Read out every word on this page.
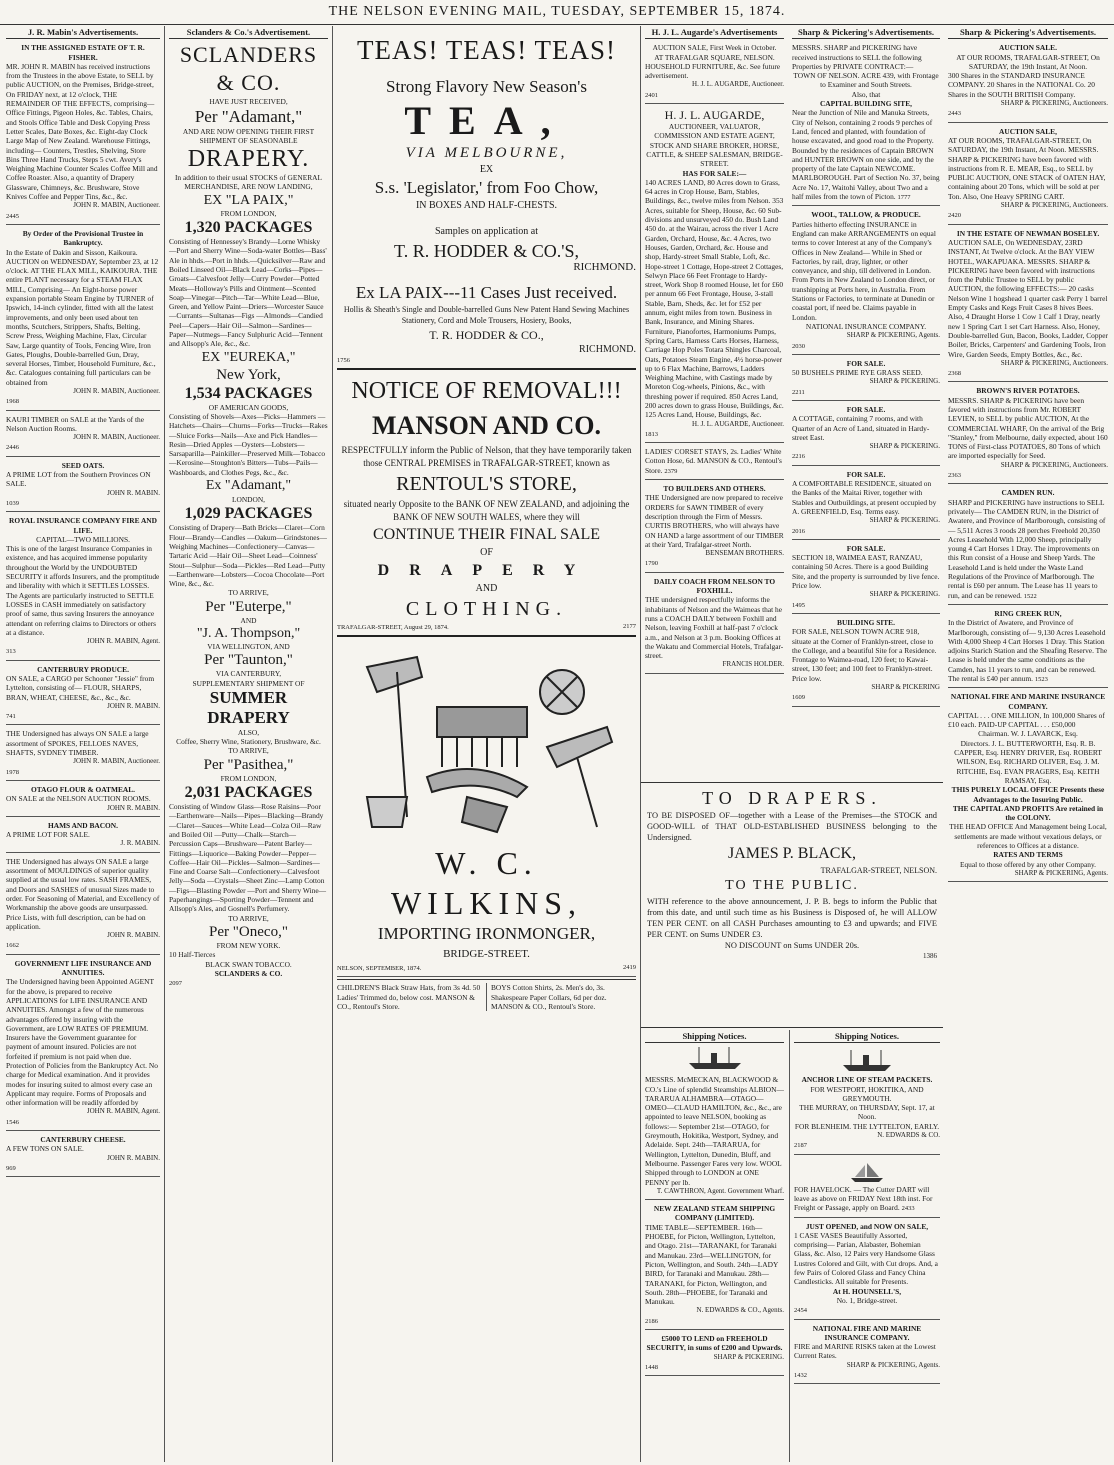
THE NELSON EVENING MAIL, TUESDAY, SEPTEMBER 15, 1874.
J. R. Mabin's Advertisements.
IN THE ASSIGNED ESTATE OF T. R. FISHER.
MR. JOHN R. MABIN has received instructions from the Trustees in the above Estate, to SELL by public AUCTION, on the Premises, Bridge-street, On FRIDAY next, at 12 o'clock, THE REMAINDER OF THE EFFECTS, comprising— Office Fittings, Pigeon Holes, &c. Tables, Chairs, and Stools Office Table and Desk Copying Press Letter Scales, Date Boxes, &c. Eight-day Clock Large Map of New Zealand. Warehouse Fittings, including— Counters, Trestles, Shelving, Store Bins Three Hand Trucks, Steps 5 cwt. Avery's Weighing Machine Counter Scales Coffee Mill and Coffee Roaster. Also, a quantity of Drapery Glassware, Chimneys, &c. Brushware, Stove Knives Coffee and Pepper Tins, &c., &c.
JOHN R. MABIN, Auctioneer.
2445
By Order of the Provisional Trustee in Bankruptcy.
In the Estate of Dakin and Sisson, Kaikoura. AUCTION on WEDNESDAY, September 23, at 12 o'clock. AT THE FLAX MILL, KAIKOURA. THE entire PLANT necessary for a STEAM FLAX MILL, Comprising— An Eight-horse power expansion portable Steam Engine by TURNER of Ipswich, 14-inch cylinder, fitted with all the latest improvements, and only been used about ten months, Scutchers, Strippers, Shafts, Belting, Screw Press, Weighing Machine, Flax, Circular Saw, Large quantity of Tools, Fencing Wire, Iron Gates, Ploughs, Double-barrelled Gun, Dray, several Horses, Timber, Household Furniture, &c., &c. Catalogues containing full particulars can be obtained from
JOHN R. MABIN, Auctioneer.
1968
KAURI TIMBER on SALE at the Yards of the Nelson Auction Rooms.
JOHN R. MABIN, Auctioneer.
2446
SEED OATS.
A PRIME LOT from the Southern Provinces ON SALE.
JOHN R. MABIN.
1039
ROYAL INSURANCE COMPANY FIRE AND LIFE.
CAPITAL—TWO MILLIONS.
This is one of the largest Insurance Companies in existence, and has acquired immense popularity throughout the World by the UNDOUBTED SECURITY it affords Insurers, and the promptitude and liberality with which it SETTLES LOSSES. The Agents are particularly instructed to SETTLE LOSSES in CASH immediately on satisfactory proof of same, thus saving Insurers the annoyance attendant on referring claims to Directors or others at a distance.
JOHN R. MABIN, Agent.
313
CANTERBURY PRODUCE.
ON SALE, a CARGO per Schooner "Jessie" from Lyttelton, consisting of— FLOUR, SHARPS, BRAN, WHEAT, CHEESE, &c., &c., &c.
JOHN R. MABIN.
741
THE Undersigned has always ON SALE a large assortment of SPOKES, FELLOES NAVES, SHAFTS, SYDNEY TIMBER.
JOHN R. MABIN, Auctioneer.
1978
OTAGO FLOUR & OATMEAL.
ON SALE at the NELSON AUCTION ROOMS.
JOHN R. MABIN.
HAMS AND BACON.
A PRIME LOT FOR SALE.
J. R. MABIN.
THE Undersigned has always ON SALE a large assortment of MOULDINGS of superior quality supplied at the usual low rates. SASH FRAMES, and Doors and SASHES of unusual Sizes made to order. For Seasoning of Material, and Excellency of Workmanship the above goods are unsurpassed. Price Lists, with full description, can be had on application.
JOHN R. MABIN.
1662
GOVERNMENT LIFE INSURANCE AND ANNUITIES.
The Undersigned having been Appointed AGENT for the above, is prepared to receive APPLICATIONS for LIFE INSURANCE AND ANNUITIES. Amongst a few of the numerous advantages offered by insuring with the Government, are LOW RATES OF PREMIUM. Insurers have the Government guarantee for payment of amount insured. Policies are not forfeited if premium is not paid when due. Protection of Policies from the Bankruptcy Act. No charge for Medical examination. And it provides modes for insuring suited to almost every case an Applicant may require. Forms of Proposals and other information will be readily afforded by
JOHN R. MABIN, Agent.
1546
CANTERBURY CHEESE.
A FEW TONS ON SALE.
JOHN R. MABIN.
969
Sclanders & Co.'s Advertisement.
SCLANDERS & CO.
HAVE JUST RECEIVED,
Per "Adamant,"
AND ARE NOW OPENING THEIR FIRST SHIPMENT OF SEASONABLE
DRAPERY.
In addition to their usual STOCKS of GENERAL MERCHANDISE, ARE NOW LANDING,
EX "LA PAIX,"
FROM LONDON,
1,320 PACKAGES
Consisting of Hennessey's Brandy—Lorne Whisky —Port and Sherry Wine—Soda-water Bottles—Bass' Ale in hhds.—Port in hhds.—Quicksilver—Raw and Boiled Linseed Oil—Black Lead—Corks—Pipes—Groats—Calvesfoot Jelly—Curry Powder—Potted Meats—Holloway's Pills and Ointment—Scented Soap—Vinegar—Pitch—Tar—White Lead—Blue, Green, and Yellow Paint—Driers—Worcester Sauce—Currants—Sultanas—Figs —Almonds—Candied Peel—Capers—Hair Oil—Salmon—Sardines—Paper—Nutmegs—Fancy Sulphuric Acid—Tennent and Allsopp's Ale, &c., &c.
EX "EUREKA,"
New York,
1,534 PACKAGES
OF AMERICAN GOODS,
Consisting of Shovels—Axes—Picks—Hammers —Hatchets—Chairs—Churns—Forks—Trucks—Rakes—Sluice Forks—Nails—Axe and Pick Handles—Resin—Dried Apples —Oysters—Lobsters—Sarsaparilla—Painkiller—Preserved Milk—Tobacco—Kerosine—Stoughton's Bitters—Tubs—Pails—Washboards, and Clothes Pegs, &c., &c.
Ex "Adamant,"
LONDON,
1,029 PACKAGES
Consisting of Drapery—Bath Bricks—Claret—Corn Flour—Brandy—Candles —Oakum—Grindstones—Weighing Machines—Confectionery—Canvas—Tartaric Acid —Hair Oil—Sheet Lead—Coinness' Stout—Sulphur—Soda—Pickles—Red Lead—Putty—Earthenware—Lobsters—Cocoa Chocolate—Port Wine, &c., &c.
TO ARRIVE,
Per "Euterpe,"
AND
"J. A. Thompson,"
VIA WELLINGTON, AND
Per "Taunton,"
VIA CANTERBURY,
SUPPLEMENTARY SHIPMENT OF
SUMMER DRAPERY
ALSO,
Coffee, Sherry Wine, Stationery, Brushware, &c.
TO ARRIVE,
Per "Pasithea,"
FROM LONDON,
2,031 PACKAGES
Consisting of Window Glass—Rose Raisins—Poor—Earthenware—Nails—Pipes—Blacking—Brandy—Claret—Sauces—White Lead—Colza Oil—Raw and Boiled Oil —Putty—Chalk—Starch—Percussion Caps—Brushware—Patent Barley—Fittings—Liquorice—Baking Powder—Pepper—Coffee—Hair Oil—Pickles—Salmon—Sardines—Fine and Coarse Salt—Confectionery—Calvesfoot Jelly—Soda —Crystals—Sheet Zinc—Lamp Cotton—Figs—Blasting Powder —Port and Sherry Wine—Paperhangings—Sporting Powder—Tennent and Allsopp's Ales, and Gosnell's Perfumery.
TO ARRIVE,
Per "Oneco,"
FROM NEW YORK.
10 Half-Tierces
BLACK SWAN TOBACCO.
SCLANDERS & CO.
2097
TEAS! TEAS! TEAS!
Strong Flavory New Season's
TEA,
VIA MELBOURNE,
EX
S.s. 'Legislator,' from Foo Chow,
IN BOXES AND HALF-CHESTS.
Samples on application at
T. R. HODDER & CO.'S,
RICHMOND.
Ex LA PAIX---11 Cases Just received.
Hollis & Sheath's Single and Double-barrelled Guns New Patent Hand Sewing Machines Stationery, Cord and Mole Trousers, Hosiery, Books,
T. R. HODDER & CO.,
RICHMOND.
1756
NOTICE OF REMOVAL!!!
MANSON AND CO.
RESPECTFULLY inform the Public of Nelson, that they have temporarily taken those CENTRAL PREMISES in TRAFALGAR-STREET, known as
RENTOUL'S STORE,
situated nearly Opposite to the BANK OF NEW ZEALAND, and adjoining the BANK OF NEW SOUTH WALES, where they will
CONTINUE THEIR FINAL SALE
OF
DRAPERY
AND
CLOTHING.
TRAFALGAR-STREET, August 29, 1874.	2177
W. C. WILKINS,
IMPORTING IRONMONGER,
BRIDGE-STREET.
NELSON, SEPTEMBER, 1874.	2419
CHILDREN'S Black Straw Hats, from 3s 4d. 50 Ladies' Trimmed do, below cost. MANSON & CO., Rentoul's Store.
BOYS Cotton Shirts, 2s. Men's do, 3s. Shakespeare Paper Collars, 6d per doz. MANSON & CO., Rentoul's Store.
H. J. L. Augarde's Advertisements
AUCTION SALE, First Week in October.
AT TRAFALGAR SQUARE, NELSON.
HOUSEHOLD FURNITURE, &c. See future advertisement.
H. J. L. AUGARDE, Auctioneer.
2401
H. J. L. AUGARDE,
AUCTIONEER, VALUATOR, COMMISSION AND ESTATE AGENT, STOCK AND SHARE BROKER, HORSE, CATTLE, & SHEEP SALESMAN, BRIDGE-STREET.
HAS FOR SALE:—
140 ACRES LAND, 80 Acres down to Grass, 64 acres in Crop House, Barn, Stables, Buildings, &c., twelve miles from Nelson. 353 Acres, suitable for Sheep, House, &c. 60 Sub-divisions and unsurveyed 450 do. Bush Land 450 do. at the Wairau, across the river 1 Acre Garden, Orchard, House, &c. 4 Acres, two Houses, Garden, Orchard, &c. House and shop, Hardy-street Small Stable, Loft, &c. Hope-street 1 Cottage, Hope-street 2 Cottages, Selwyn Place 66 Feet Frontage to Hardy-street, Work Shop 8 roomed House, let for £60 per annum 66 Feet Frontage, House, 3-stall Stable, Barn, Sheds, &c. let for £52 per annum, eight miles from town. Business in Bank, Insurance, and Mining Shares. Furniture, Pianofortes, Harmoniums Pumps, Spring Carts, Harness Carts Horses, Harness, Carriage Hop Poles Totara Shingles Charcoal, Oats, Potatoes Steam Engine, 4½ horse-power up to 6 Flax Machine, Barrows, Ladders Weighing Machine, with Castings made by Moreton Cog-wheels, Pinions, &c., with threshing power if required. 850 Acres Land, 200 acres down to grass House, Buildings, &c. 125 Acres Land, House, Buildings, &c.
H. J. L. AUGARDE, Auctioneer.
1813
LADIES' CORSET STAYS, 2s. Ladies' White Cotton Hose, 6d. MANSON & CO., Rentoul's Store. 2379
TO BUILDERS AND OTHERS.
THE Undersigned are now prepared to receive ORDERS for SAWN TIMBER of every description through the Firm of Messrs. CURTIS BROTHERS, who will always have ON HAND a large assortment of our TIMBER at their Yard, Trafalgar-street North.
BENSEMAN BROTHERS.
1790
DAILY COACH FROM NELSON TO FOXHILL.
THE undersigned respectfully informs the inhabitants of Nelson and the Waimeas that he runs a COACH DAILY between Foxhill and Nelson, leaving Foxhill at half-past 7 o'clock a.m., and Nelson at 3 p.m. Booking Offices at the Wakatu and Commercial Hotels, Trafalgar-street.
FRANCIS HOLDER.
TO DRAPERS.
TO BE DISPOSED OF—together with a Lease of the Premises—the STOCK and GOOD-WILL of THAT OLD-ESTABLISHED BUSINESS belonging to the Undersigned.
JAMES P. BLACK,
TRAFALGAR-STREET, NELSON.
TO THE PUBLIC.
WITH reference to the above announcement, J. P. B. begs to inform the Public that from this date, and until such time as his Business is Disposed of, he will ALLOW TEN PER CENT. on all CASH Purchases amounting to £3 and upwards; and FIVE PER CENT. on Sums UNDER £3.
NO DISCOUNT on Sums UNDER 20s.
1386
Shipping Notices.
MESSRS. McMECKAN, BLACKWOOD & CO.'s Line of splendid Steamships ALBION—TARARUA ALHAMBRA—OTAGO—OMEO—CLAUD HAMILTON, &c., &c., are appointed to leave NELSON, booking as follows:— September 21st—OTAGO, for Greymouth, Hokitika, Westport, Sydney, and Adelaide. Sept. 24th—TARARUA, for Wellington, Lyttelton, Dunedin, Bluff, and Melbourne. Passenger Fares very low. WOOL Shipped through to LONDON at ONE PENNY per lb.
T. CAWTHRON, Agent. Government Wharf.
NEW ZEALAND STEAM SHIPPING COMPANY (LIMITED).
TIME TABLE—SEPTEMBER. 16th—PHOEBE, for Picton, Wellington, Lyttelton, and Otago. 21st—TARANAKI, for Taranaki and Manukau. 23rd—WELLINGTON, for Picton, Wellington, and South. 24th—LADY BIRD, for Taranaki and Manukau. 28th—TARANAKI, for Picton, Wellington, and South. 28th—PHOEBE, for Taranaki and Manukau.
N. EDWARDS & CO., Agents.
2186
£5000 TO LEND on FREEHOLD SECURITY, in sums of £200 and Upwards.
SHARP & PICKERING.
1448
Sharp & Pickering's Advertisements.
MESSRS. SHARP and PICKERING have received instructions to SELL the following Properties by PRIVATE CONTRACT:—
TOWN OF NELSON. ACRE 439, with Frontage to Examiner and South Streets.
Also, that
CAPITAL BUILDING SITE,
Near the Junction of Nile and Manuka Streets, City of Nelson, containing 2 roods 9 perches of Land, fenced and planted, with foundation of house excavated, and good road to the Property. Bounded by the residences of Captain BROWN and HUNTER BROWN on one side, and by the property of the late Captain NEWCOME. MARLBOROUGH. Part of Section No. 37, being Acre No. 17, Waitohi Valley, about Two and a half miles from the town of Picton. 1777
WOOL, TALLOW, & PRODUCE.
Parties hitherto effecting INSURANCE in England can make ARRANGEMENTS on equal terms to cover Interest at any of the Company's Offices in New Zealand— While in Shed or Factories, by rail, dray, lighter, or other conveyance, and ship, till delivered in London. From Ports in New Zealand to London direct, or transhipping at Ports here, in Australia. From Stations or Factories, to terminate at Dunedin or coastal port, if need be. Claims payable in London.
NATIONAL INSURANCE COMPANY.
SHARP & PICKERING, Agents.
2030
FOR SALE.
50 BUSHELS PRIME RYE GRASS SEED.
SHARP & PICKERING.
2211
FOR SALE.
A COTTAGE, containing 7 rooms, and with Quarter of an Acre of Land, situated in Hardy-street East.
SHARP & PICKERING.
2216
FOR SALE.
A COMFORTABLE RESIDENCE, situated on the Banks of the Maitai River, together with Stables and Outbuildings, at present occupied by A. GREENFIELD, Esq. Terms easy.
SHARP & PICKERING.
2016
FOR SALE.
SECTION 18, WAIMEA EAST, RANZAU, containing 50 Acres. There is a good Building Site, and the property is surrounded by live fence. Price low.
SHARP & PICKERING.
1495
BUILDING SITE.
FOR SALE, NELSON TOWN ACRE 918, situate at the Corner of Franklyn-street, close to the College, and a beautiful Site for a Residence. Frontage to Waimea-road, 120 feet; to Kawai-street, 130 feet; and 100 feet to Franklyn-street. Price low.
SHARP & PICKERING
1609
Shipping Notices.
ANCHOR LINE OF STEAM PACKETS.
FOR WESTPORT, HOKITIKA, AND GREYMOUTH.
THE MURRAY, on THURSDAY, Sept. 17, at Noon.
FOR BLENHEIM. THE LYTTELTON, EARLY.
N. EDWARDS & CO.
2187
FOR HAVELOCK. — The Cutter DART will leave as above on FRIDAY Next 18th inst. For Freight or Passage, apply on Board. 2433
JUST OPENED, and NOW ON SALE,
1 CASE VASES Beautifully Assorted, comprising— Parian, Alabaster, Bohemian Glass, &c. Also, 12 Pairs very Handsome Glass Lustres Colored and Gilt, with Cut drops. And, a few Pairs of Colored Glass and Fancy China Candlesticks. All suitable for Presents.
At H. HOUNSELL'S,
No. 1, Bridge-street.
2454
NATIONAL FIRE AND MARINE INSURANCE COMPANY.
FIRE and MARINE RISKS taken at the Lowest Current Rates.
SHARP & PICKERING, Agents.
1432
Sharp & Pickering's Advertisements.
AUCTION SALE.
AT OUR ROOMS, TRAFALGAR-STREET, On SATURDAY, the 19th Instant, At Noon.
300 Shares in the STANDARD INSURANCE COMPANY. 20 Shares in the NATIONAL Co. 20 Shares in the SOUTH BRITISH Company.
SHARP & PICKERING, Auctioneers.
2443
AUCTION SALE,
AT OUR ROOMS, TRAFALGAR-STREET, On SATURDAY, the 19th Instant, At Noon. MESSRS. SHARP & PICKERING have been favored with instructions from R. E. MEAR, Esq., to SELL by PUBLIC AUCTION, ONE STACK of OATEN HAY, containing about 20 Tons, which will be sold at per Ton. Also, One Heavy SPRING CART.
SHARP & PICKERING, Auctioneers.
2420
IN THE ESTATE OF NEWMAN BOSELEY.
AUCTION SALE, On WEDNESDAY, 23RD INSTANT, At Twelve o'clock. At the BAY VIEW HOTEL, WAKAPUAKA. MESSRS. SHARP & PICKERING have been favored with instructions from the Public Trustee to SELL by public AUCTION, the following EFFECTS:— 20 casks Nelson Wine 1 hogshead 1 quarter cask Perry 1 barrel Empty Casks and Kegs Fruit Cases 8 hives Bees. Also, 4 Draught Horse 1 Cow 1 Calf 1 Dray, nearly new 1 Spring Cart 1 set Cart Harness. Also, Honey, Double-barrelled Gun, Bacon, Books, Ladder, Copper Boiler, Bricks, Carpenters' and Gardening Tools, Iron Wire, Garden Seeds, Empty Bottles, &c., &c.
SHARP & PICKERING, Auctioneers.
2368
BROWN'S RIVER POTATOES.
MESSRS. SHARP & PICKERING have been favored with instructions from Mr. ROBERT LEVIEN, to SELL by public AUCTION, At the COMMERCIAL WHARF, On the arrival of the Brig "Stanley," from Melbourne, daily expected, about 160 TONS of First-class POTATOES, 80 Tons of which are imported especially for Seed.
SHARP & PICKERING, Auctioneers.
2363
CAMDEN RUN.
SHARP and PICKERING have instructions to SELL privately— The CAMDEN RUN, in the District of Awatere, and Province of Marlborough, consisting of— 5,511 Acres 3 roods 28 perches Freehold 20,350 Acres Leasehold With 12,000 Sheep, principally young 4 Cart Horses 1 Dray. The improvements on this Run consist of a House and Sheep Yards. The Leasehold Land is held under the Waste Land Regulations of the Province of Marlborough. The rental is £60 per annum. The Lease has 11 years to run, and can be renewed. 1522
RING CREEK RUN,
In the District of Awatere, and Province of Marlborough, consisting of— 9,130 Acres Leasehold With 4,000 Sheep 4 Cart Horses 1 Dray. This Station adjoins Starich Station and the Sheafing Reserve. The Lease is held under the same conditions as the Camden, has 11 years to run, and can be renewed. The rental is £40 per annum. 1523
NATIONAL FIRE AND MARINE INSURANCE COMPANY.
CAPITAL . . . ONE MILLION, In 100,000 Shares of £10 each. PAID-UP CAPITAL . . . £50,000
Chairman. W. J. LAVARCK, Esq.
Directors. J. L. BUTTERWORTH, Esq. R. B. CAPPER, Esq. HENRY DRIVER, Esq. ROBERT WILSON, Esq. RICHARD OLIVER, Esq. J. M. RITCHIE, Esq. EVAN PRAGERS, Esq. KEITH RAMSAY, Esq.
THIS PURELY LOCAL OFFICE Presents these Advantages to the Insuring Public.
THE CAPITAL AND PROFITS Are retained in the COLONY.
THE HEAD OFFICE And Management being Local, settlements are made without vexatious delays, or references to Offices at a distance.
RATES AND TERMS
Equal to those offered by any other Company.
SHARP & PICKERING, Agents.
